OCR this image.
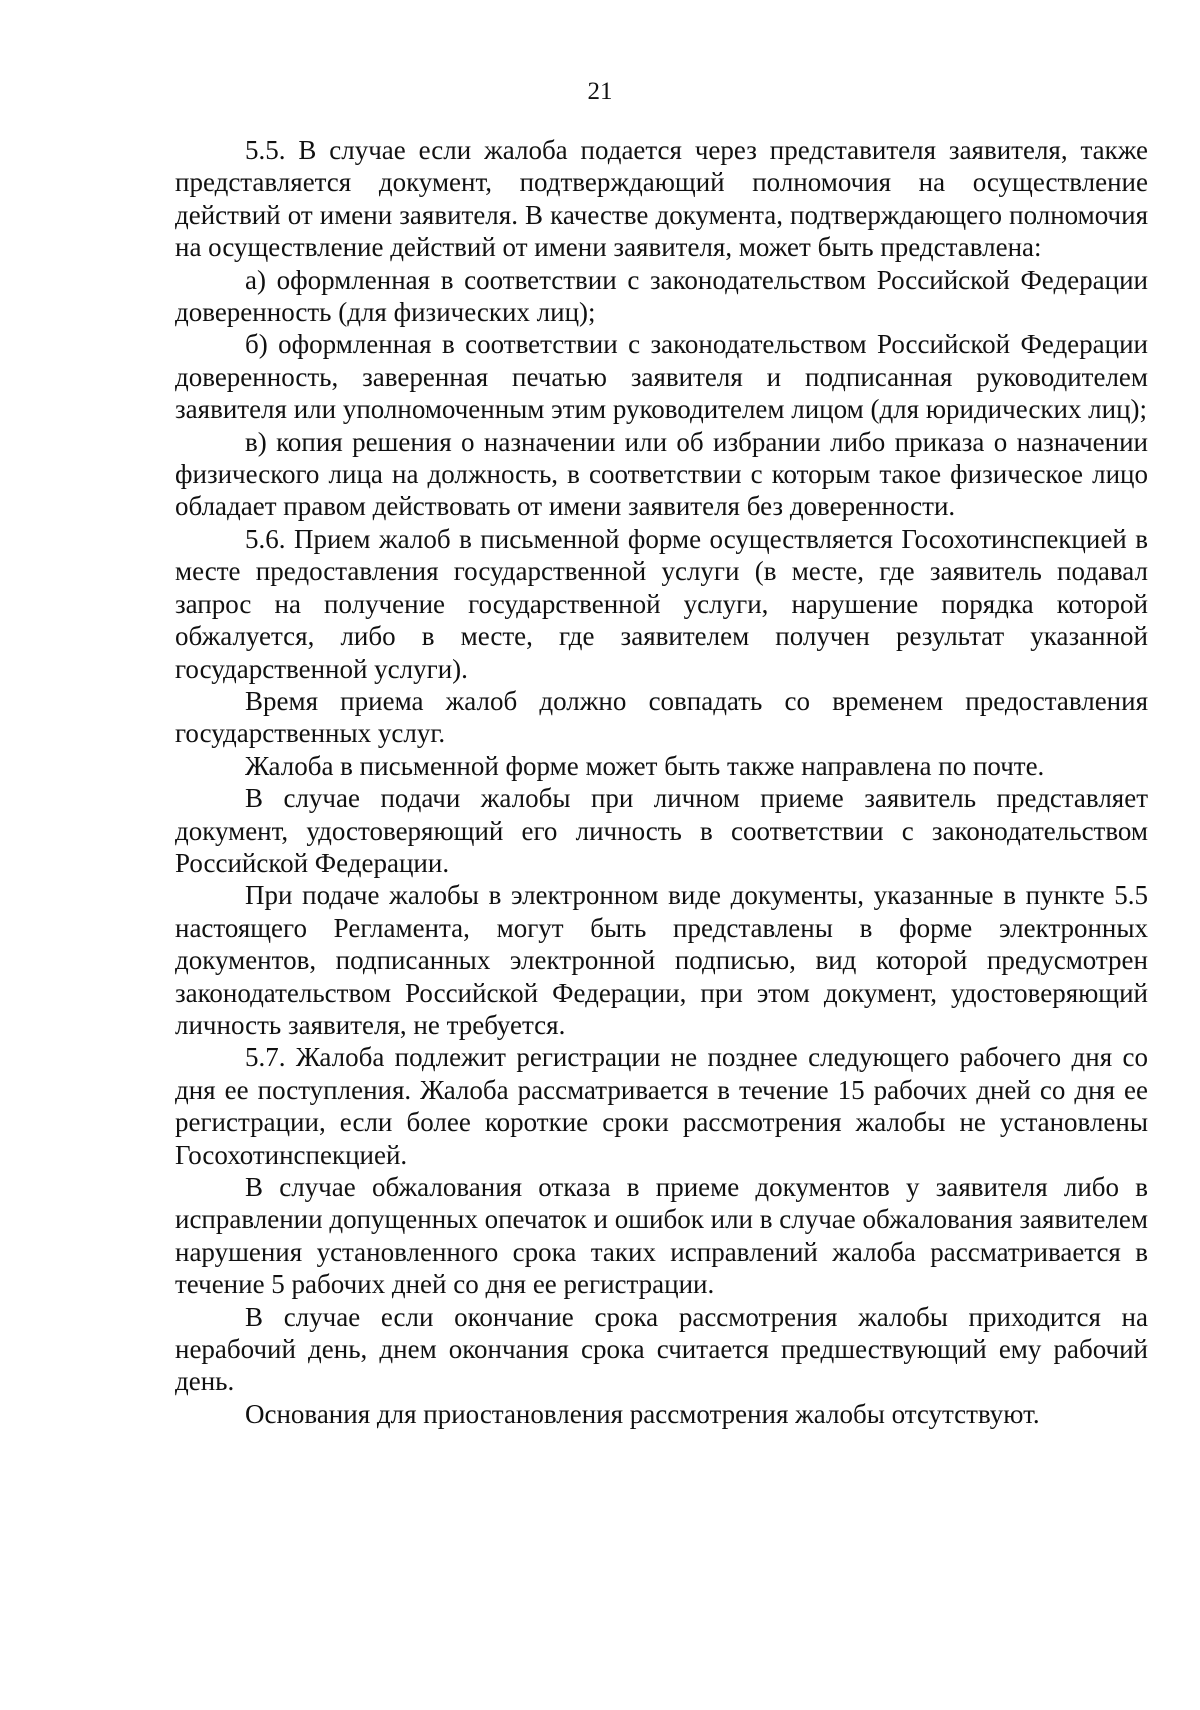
21

5.5. В случае если жалоба подается через представителя заявителя, также представляется документ, подтверждающий полномочия на осуществление действий от имени заявителя. В качестве документа, подтверждающего полномочия на осуществление действий от имени заявителя, может быть представлена:

а) оформленная в соответствии с законодательством Российской Федерации доверенность (для физических лиц);

б) оформленная в соответствии с законодательством Российской Федерации доверенность, заверенная печатью заявителя и подписанная руководителем заявителя или уполномоченным этим руководителем лицом (для юридических лиц);

в) копия решения о назначении или об избрании либо приказа о назначении физического лица на должность, в соответствии с которым такое физическое лицо обладает правом действовать от имени заявителя без доверенности.

5.6. Прием жалоб в письменной форме осуществляется Госохотинспекцией в месте предоставления государственной услуги (в месте, где заявитель подавал запрос на получение государственной услуги, нарушение порядка которой обжалуется, либо в месте, где заявителем получен результат указанной государственной услуги).

Время приема жалоб должно совпадать со временем предоставления государственных услуг.

Жалоба в письменной форме может быть также направлена по почте.

В случае подачи жалобы при личном приеме заявитель представляет документ, удостоверяющий его личность в соответствии с законодательством Российской Федерации.

При подаче жалобы в электронном виде документы, указанные в пункте 5.5 настоящего Регламента, могут быть представлены в форме электронных документов, подписанных электронной подписью, вид которой предусмотрен законодательством Российской Федерации, при этом документ, удостоверяющий личность заявителя, не требуется.

5.7. Жалоба подлежит регистрации не позднее следующего рабочего дня со дня ее поступления. Жалоба рассматривается в течение 15 рабочих дней со дня ее регистрации, если более короткие сроки рассмотрения жалобы не установлены Госохотинспекцией.

В случае обжалования отказа в приеме документов у заявителя либо в исправлении допущенных опечаток и ошибок или в случае обжалования заявителем нарушения установленного срока таких исправлений жалоба рассматривается в течение 5 рабочих дней со дня ее регистрации.

В случае если окончание срока рассмотрения жалобы приходится на нерабочий день, днем окончания срока считается предшествующий ему рабочий день.

Основания для приостановления рассмотрения жалобы отсутствуют.
